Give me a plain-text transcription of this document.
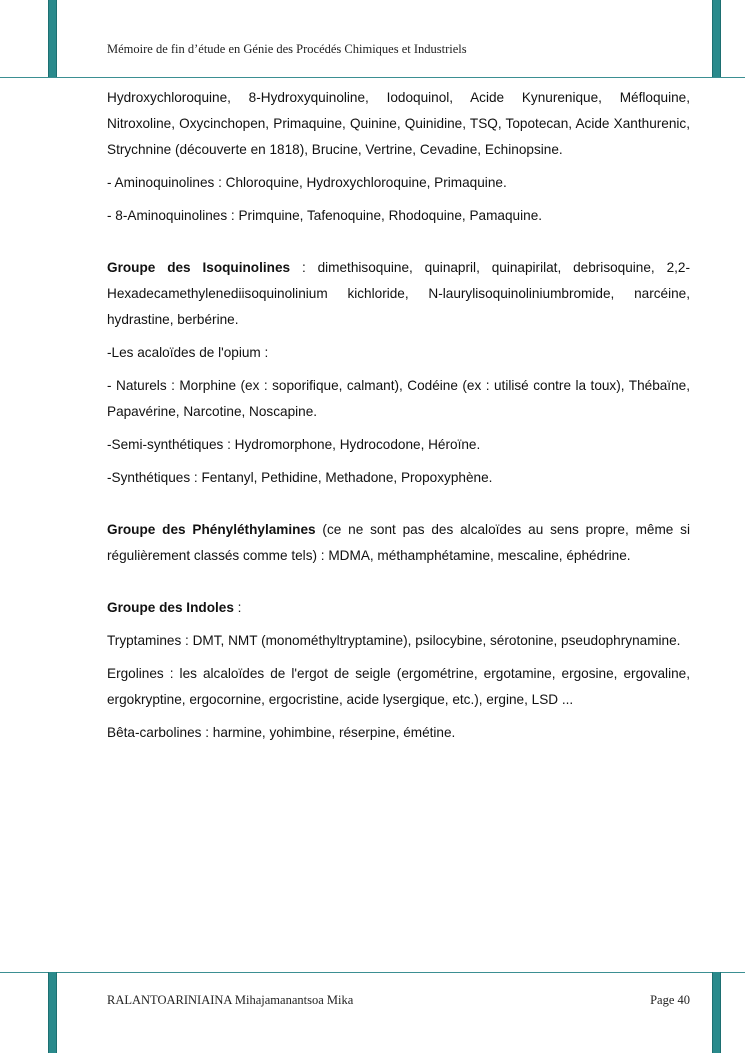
Mémoire de fin d’étude en Génie des Procédés Chimiques et Industriels

Hydroxychloroquine, 8-Hydroxyquinoline, Iodoquinol, Acide Kynurenique, Méfloquine, Nitroxoline, Oxycinchopen, Primaquine, Quinine, Quinidine, TSQ, Topotecan, Acide Xanthurenic, Strychnine (découverte en 1818), Brucine, Vertrine, Cevadine, Echinopsine.

- Aminoquinolines : Chloroquine, Hydroxychloroquine, Primaquine.

- 8-Aminoquinolines : Primquine, Tafenoquine, Rhodoquine, Pamaquine.

Groupe des Isoquinolines : dimethisoquine, quinapril, quinapirilat, debrisoquine, 2,2-Hexadecamethylenediisoquinolinium kichloride, N-laurylisoquinoliniumbromide, narcéine, hydrastine, berbérine.

-Les acaloïdes de l'opium :

- Naturels : Morphine (ex : soporifique, calmant), Codéine (ex : utilisé contre la toux), Thébaïne, Papavérine, Narcotine, Noscapine.

-Semi-synthétiques : Hydromorphone, Hydrocodone, Héroïne.

-Synthétiques : Fentanyl, Pethidine, Methadone, Propoxyphène.

Groupe des Phényléthylamines (ce ne sont pas des alcaloïdes au sens propre, même si régulièrement classés comme tels) : MDMA, méthamphétamine, mescaline, éphédrine.

Groupe des Indoles :

Tryptamines : DMT, NMT (monométhyltryptamine), psilocybine, sérotonine, pseudophrynamine.

Ergolines : les alcaloïdes de l'ergot de seigle (ergométrine, ergotamine, ergosine, ergovaline, ergokryptine, ergocornine, ergocristine, acide lysergique, etc.), ergine, LSD ...

Bêta-carbolines : harmine, yohimbine, réserpine, émétine.

RALANTOARINIAINA Mihajamanantsoa Mika	Page 40
